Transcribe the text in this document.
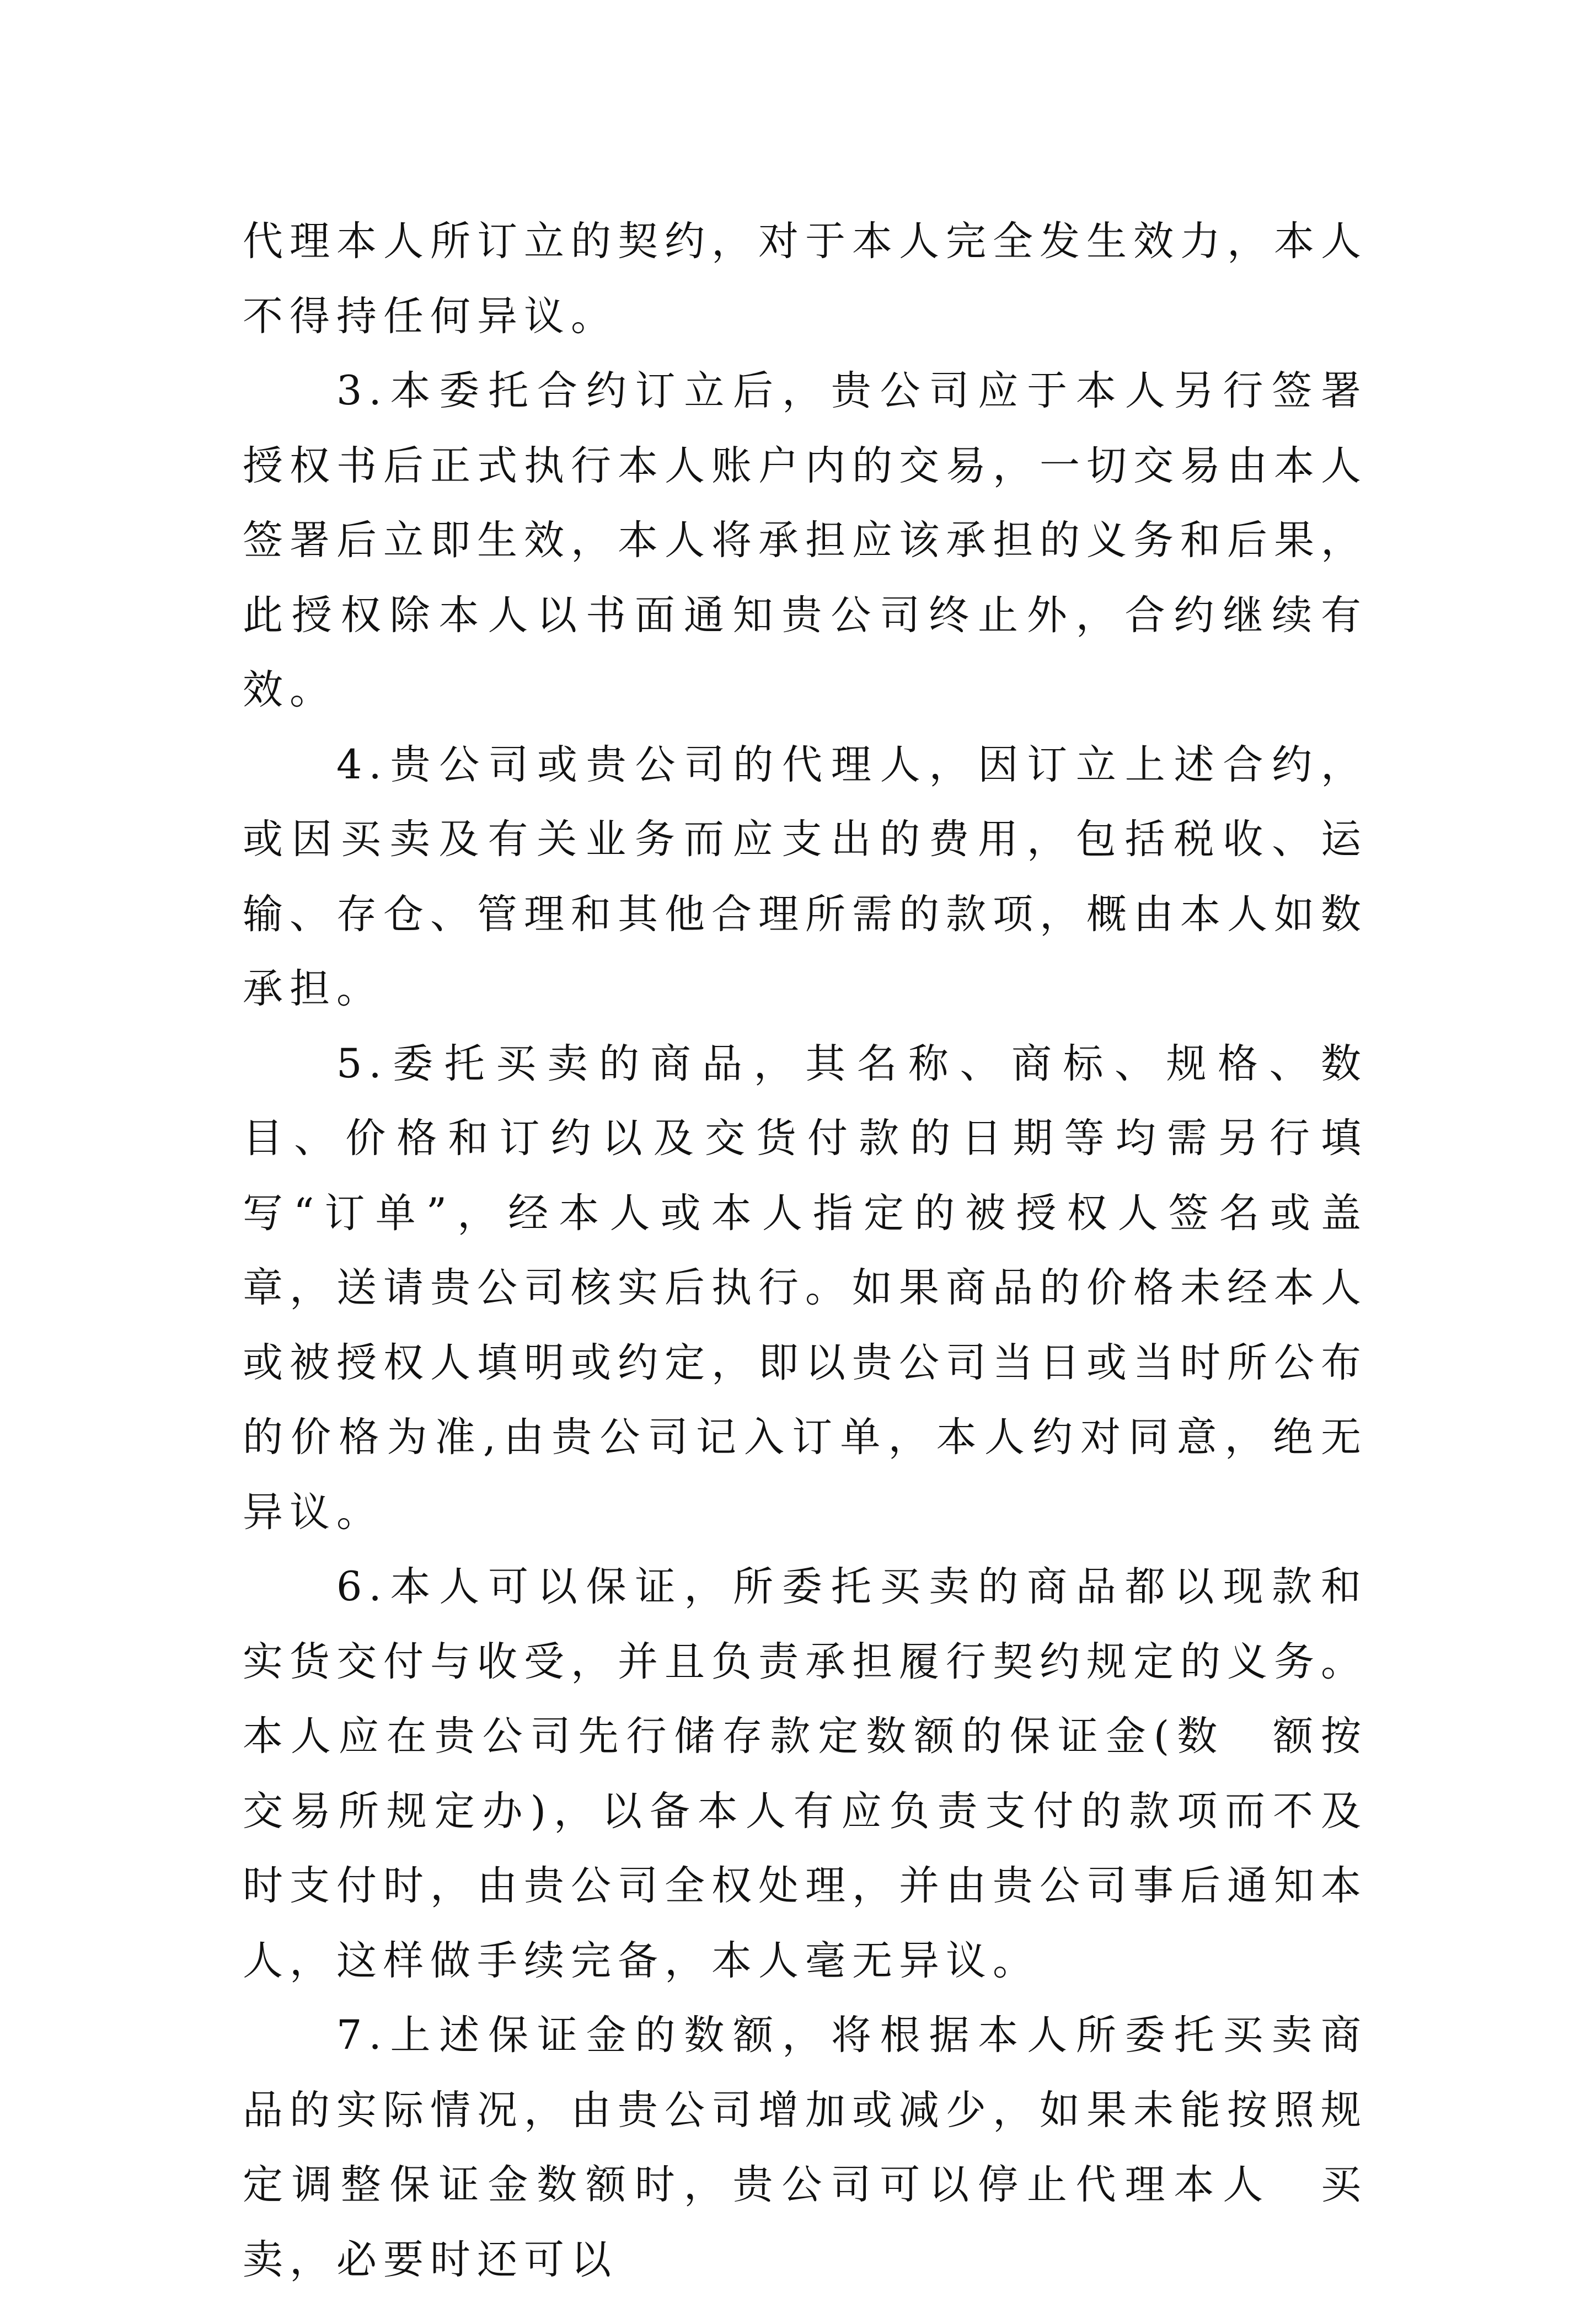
代理本人所订立的契约，对于本人完全发生效力，本人不得持任何异议。

3.本委托合约订立后，贵公司应于本人另行签署授权书后正式执行本人账户内的交易，一切交易由本人签署后立即生效，本人将承担应该承担的义务和后果，此授权除本人以书面通知贵公司终止外，合约继续有效。

4.贵公司或贵公司的代理人，因订立上述合约，或因买卖及有关业务而应支出的费用，包括税收、运输、存仓、管理和其他合理所需的款项，概由本人如数承担。

5.委托买卖的商品，其名称、商标、规格、数目、价格和订约以及交货付款的日期等均需另行填写“订单”，经本人或本人指定的被授权人签名或盖　章，送请贵公司核实后执行。如果商品的价格未经本人或被授权人填明或约定，即以贵公司当日或当时所公布的价格为准,由贵公司记入订单，本人约对同意，绝无　异议。

6.本人可以保证，所委托买卖的商品都以现款和实货交付与收受，并且负责承担履行契约规定的义务。本人应在贵公司先行储存款定数额的保证金(数　额按交易所规定办)，以备本人有应负责支付的款项而不及时支付时，由贵公司全权处理，并由贵公司事后通知本人，这样做手续完备，本人毫无异议。

7.上述保证金的数额，将根据本人所委托买卖商品的实际情况，由贵公司增加或减少，如果未能按照规定调整保证金数额时，贵公司可以停止代理本人　买卖，必要时还可以
